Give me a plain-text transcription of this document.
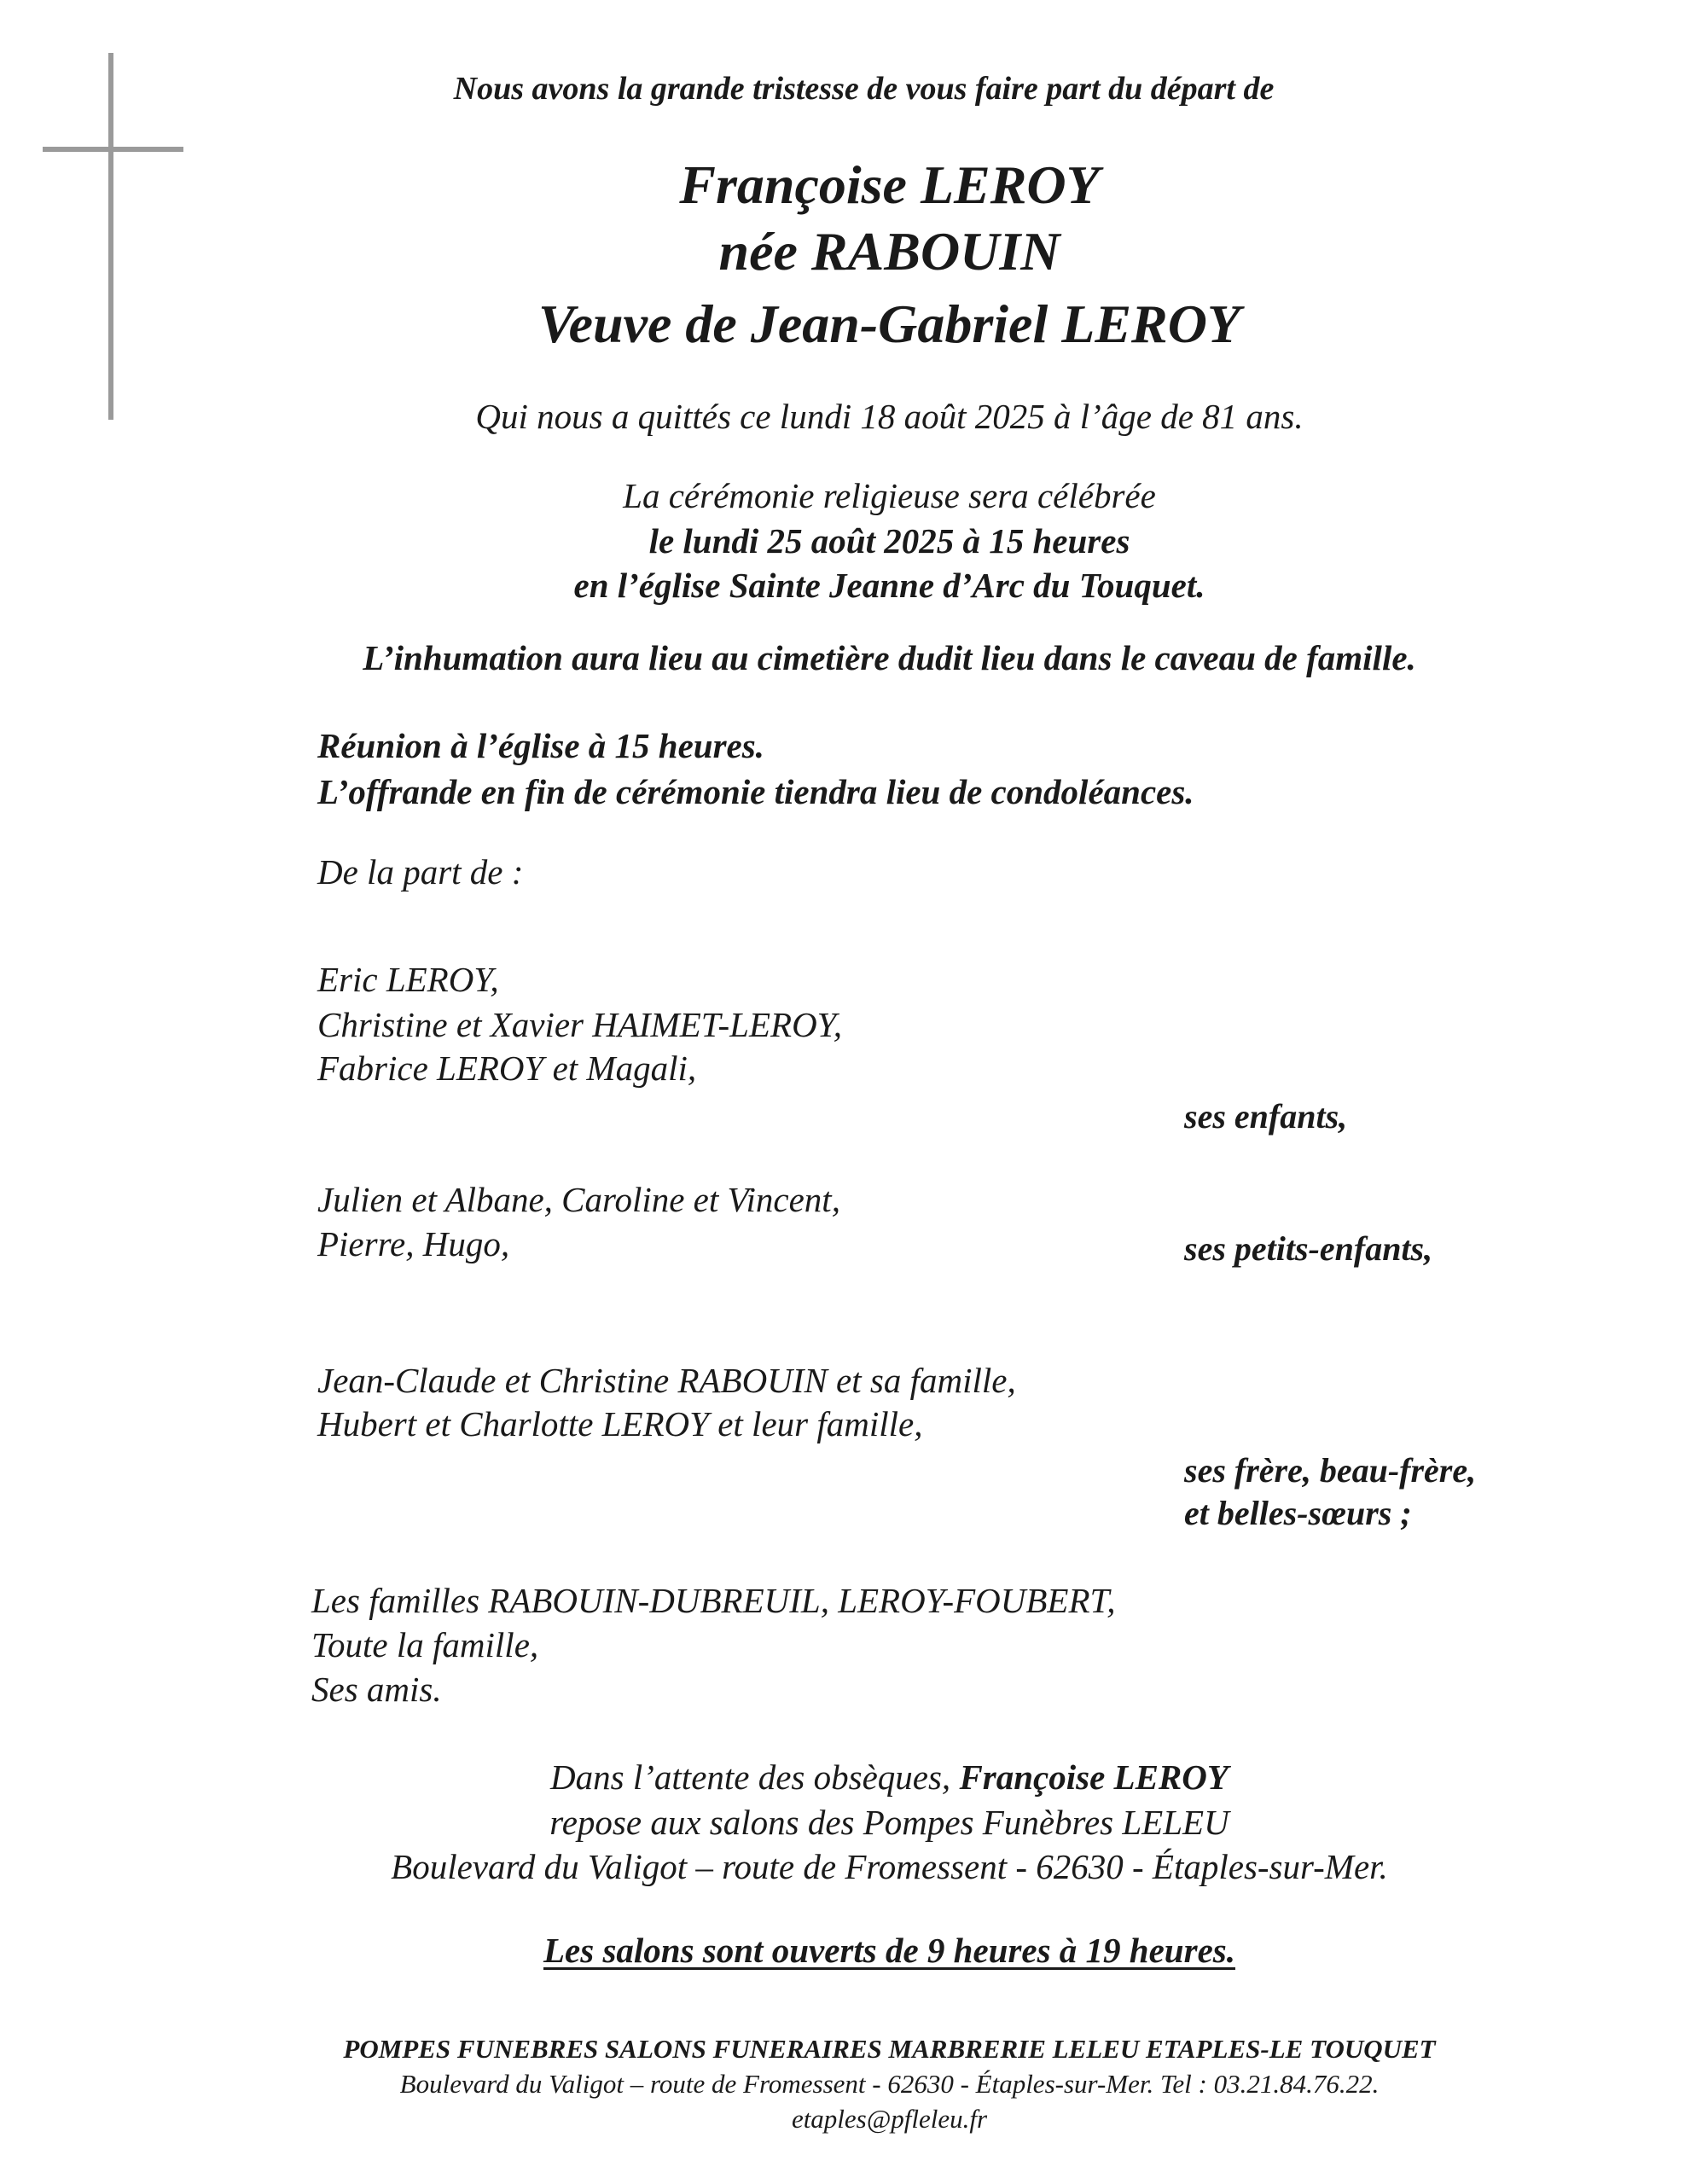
Nous avons la grande tristesse de vous faire part du départ de
Françoise LEROY
née RABOUIN
Veuve de Jean-Gabriel LEROY
Qui nous a quittés ce lundi 18 août 2025 à l’âge de 81 ans.
La cérémonie religieuse sera célébrée
le lundi 25 août 2025 à 15 heures
en l’église Sainte Jeanne d’Arc du Touquet.
L’inhumation aura lieu au cimetière dudit lieu dans le caveau de famille.
Réunion à l’église à 15 heures.
L’offrande en fin de cérémonie tiendra lieu de condoléances.
De la part de :
Eric LEROY,
Christine et Xavier HAIMET-LEROY,
Fabrice LEROY et Magali,
ses enfants,
Julien et Albane, Caroline et Vincent,
Pierre, Hugo,	ses petits-enfants,
Jean-Claude et Christine RABOUIN et sa famille,
Hubert et Charlotte LEROY et leur famille,
ses frère, beau-frère,
et belles-sœurs ;
Les familles RABOUIN-DUBREUIL, LEROY-FOUBERT,
Toute la famille,
Ses amis.
Dans l’attente des obsèques, Françoise LEROY
repose aux salons des Pompes Funèbres LELEU
Boulevard du Valigot – route de Fromessent - 62630 - Étaples-sur-Mer.
Les salons sont ouverts de 9 heures à 19 heures.
POMPES FUNEBRES SALONS FUNERAIRES MARBRERIE LELEU ETAPLES-LE TOUQUET
Boulevard du Valigot – route de Fromessent - 62630 - Étaples-sur-Mer. Tel : 03.21.84.76.22.
etaples@pfleleu.fr
